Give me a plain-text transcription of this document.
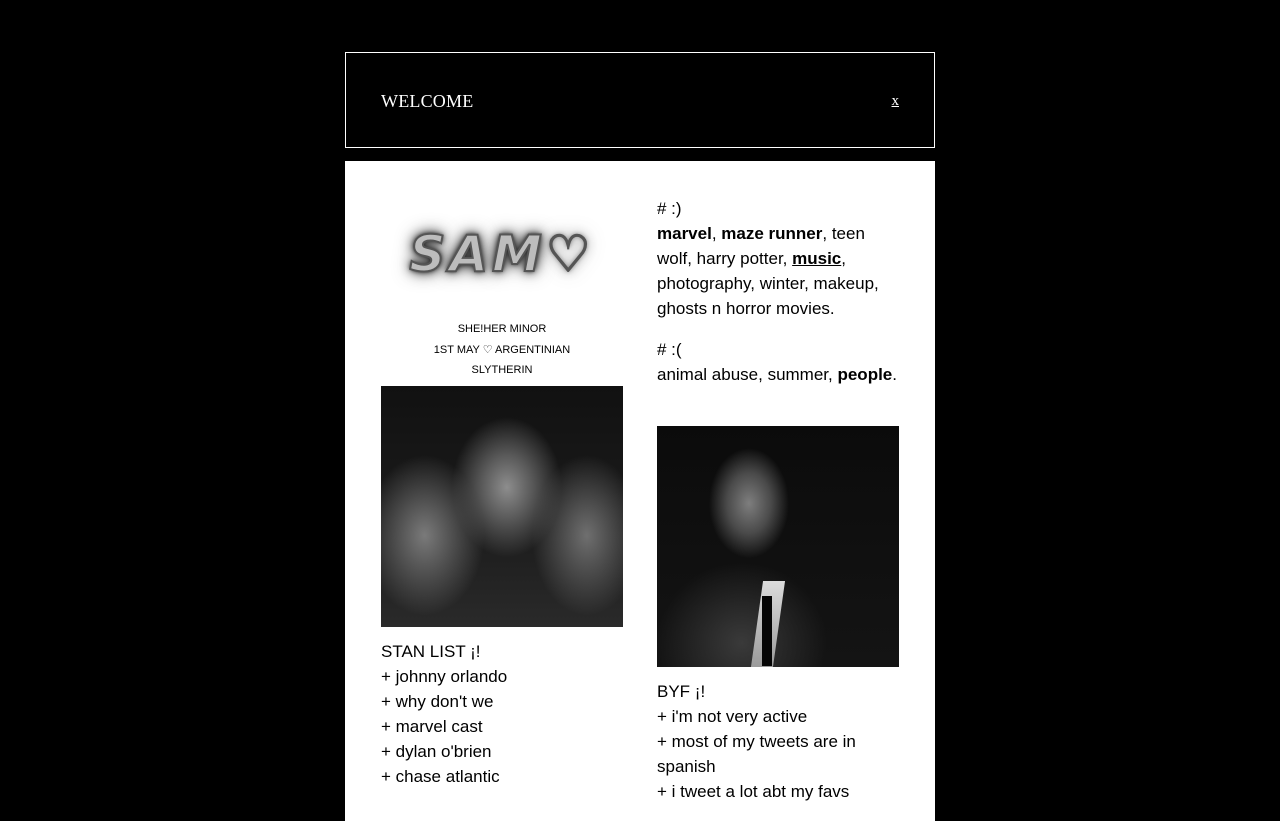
WELCOME	x
SAM♡
SHE!HER MINOR
1ST MAY ♡ ARGENTINIAN
SLYTHERIN
STAN LIST ¡!
+ johnny orlando
+ why don't we
+ marvel cast
+ dylan o'brien
+ chase atlantic
# :)
marvel, maze runner, teen wolf, harry potter, music, photography, winter, makeup, ghosts n horror movies.
# :(
animal abuse, summer, people.
BYF ¡!
+ i'm not very active
+ most of my tweets are in spanish
+ i tweet a lot abt my favs
